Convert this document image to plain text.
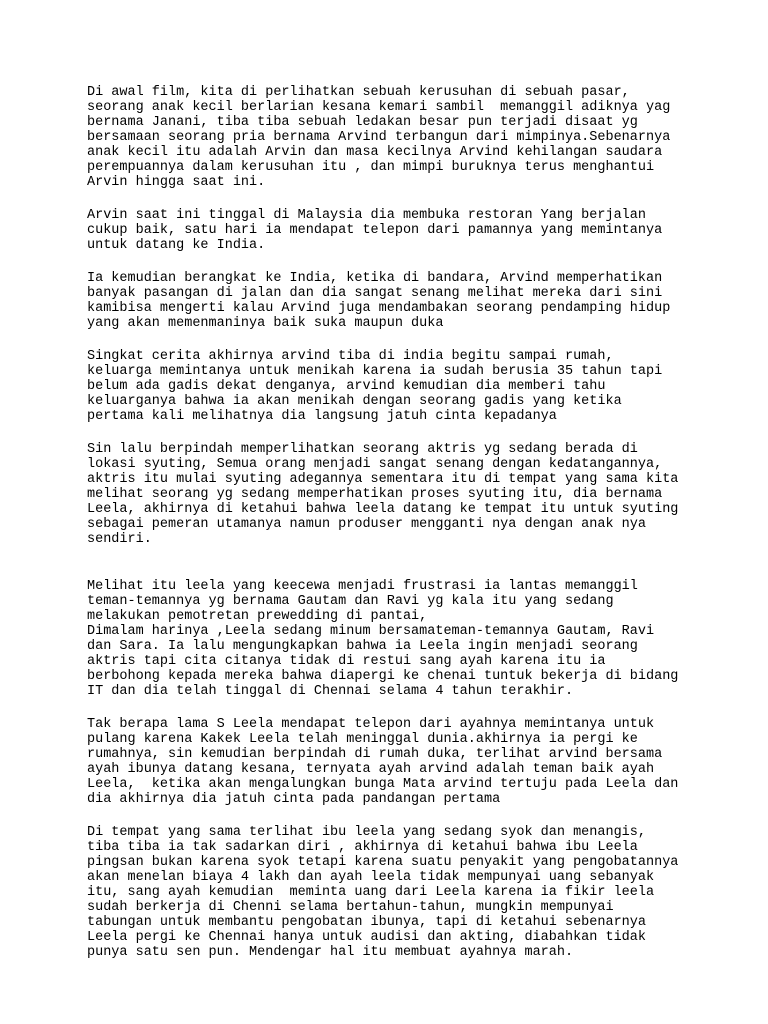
Di awal film, kita di perlihatkan sebuah kerusuhan di sebuah pasar,
seorang anak kecil berlarian kesana kemari sambil  memanggil adiknya yag
bernama Janani, tiba tiba sebuah ledakan besar pun terjadi disaat yg
bersamaan seorang pria bernama Arvind terbangun dari mimpinya.Sebenarnya
anak kecil itu adalah Arvin dan masa kecilnya Arvind kehilangan saudara
perempuannya dalam kerusuhan itu , dan mimpi buruknya terus menghantui
Arvin hingga saat ini.

Arvin saat ini tinggal di Malaysia dia membuka restoran Yang berjalan
cukup baik, satu hari ia mendapat telepon dari pamannya yang memintanya
untuk datang ke India.

Ia kemudian berangkat ke India, ketika di bandara, Arvind memperhatikan
banyak pasangan di jalan dan dia sangat senang melihat mereka dari sini
kamibisa mengerti kalau Arvind juga mendambakan seorang pendamping hidup
yang akan memenmaninya baik suka maupun duka

Singkat cerita akhirnya arvind tiba di india begitu sampai rumah,
keluarga memintanya untuk menikah karena ia sudah berusia 35 tahun tapi
belum ada gadis dekat denganya, arvind kemudian dia memberi tahu
keluarganya bahwa ia akan menikah dengan seorang gadis yang ketika
pertama kali melihatnya dia langsung jatuh cinta kepadanya

Sin lalu berpindah memperlihatkan seorang aktris yg sedang berada di
lokasi syuting, Semua orang menjadi sangat senang dengan kedatangannya,
aktris itu mulai syuting adegannya sementara itu di tempat yang sama kita
melihat seorang yg sedang memperhatikan proses syuting itu, dia bernama
Leela, akhirnya di ketahui bahwa leela datang ke tempat itu untuk syuting
sebagai pemeran utamanya namun produser mengganti nya dengan anak nya
sendiri.

Melihat itu leela yang keecewa menjadi frustrasi ia lantas memanggil
teman-temannya yg bernama Gautam dan Ravi yg kala itu yang sedang
melakukan pemotretan prewedding di pantai,
Dimalam harinya ,Leela sedang minum bersamateman-temannya Gautam, Ravi
dan Sara. Ia lalu mengungkapkan bahwa ia Leela ingin menjadi seorang
aktris tapi cita citanya tidak di restui sang ayah karena itu ia
berbohong kepada mereka bahwa diapergi ke chenai tuntuk bekerja di bidang
IT dan dia telah tinggal di Chennai selama 4 tahun terakhir.

Tak berapa lama S Leela mendapat telepon dari ayahnya memintanya untuk
pulang karena Kakek Leela telah meninggal dunia.akhirnya ia pergi ke
rumahnya, sin kemudian berpindah di rumah duka, terlihat arvind bersama
ayah ibunya datang kesana, ternyata ayah arvind adalah teman baik ayah
Leela,  ketika akan mengalungkan bunga Mata arvind tertuju pada Leela dan
dia akhirnya dia jatuh cinta pada pandangan pertama

Di tempat yang sama terlihat ibu leela yang sedang syok dan menangis,
tiba tiba ia tak sadarkan diri , akhirnya di ketahui bahwa ibu Leela
pingsan bukan karena syok tetapi karena suatu penyakit yang pengobatannya
akan menelan biaya 4 lakh dan ayah leela tidak mempunyai uang sebanyak
itu, sang ayah kemudian  meminta uang dari Leela karena ia fikir leela
sudah berkerja di Chenni selama bertahun-tahun, mungkin mempunyai
tabungan untuk membantu pengobatan ibunya, tapi di ketahui sebenarnya
Leela pergi ke Chennai hanya untuk audisi dan akting, diabahkan tidak
punya satu sen pun. Mendengar hal itu membuat ayahnya marah.
